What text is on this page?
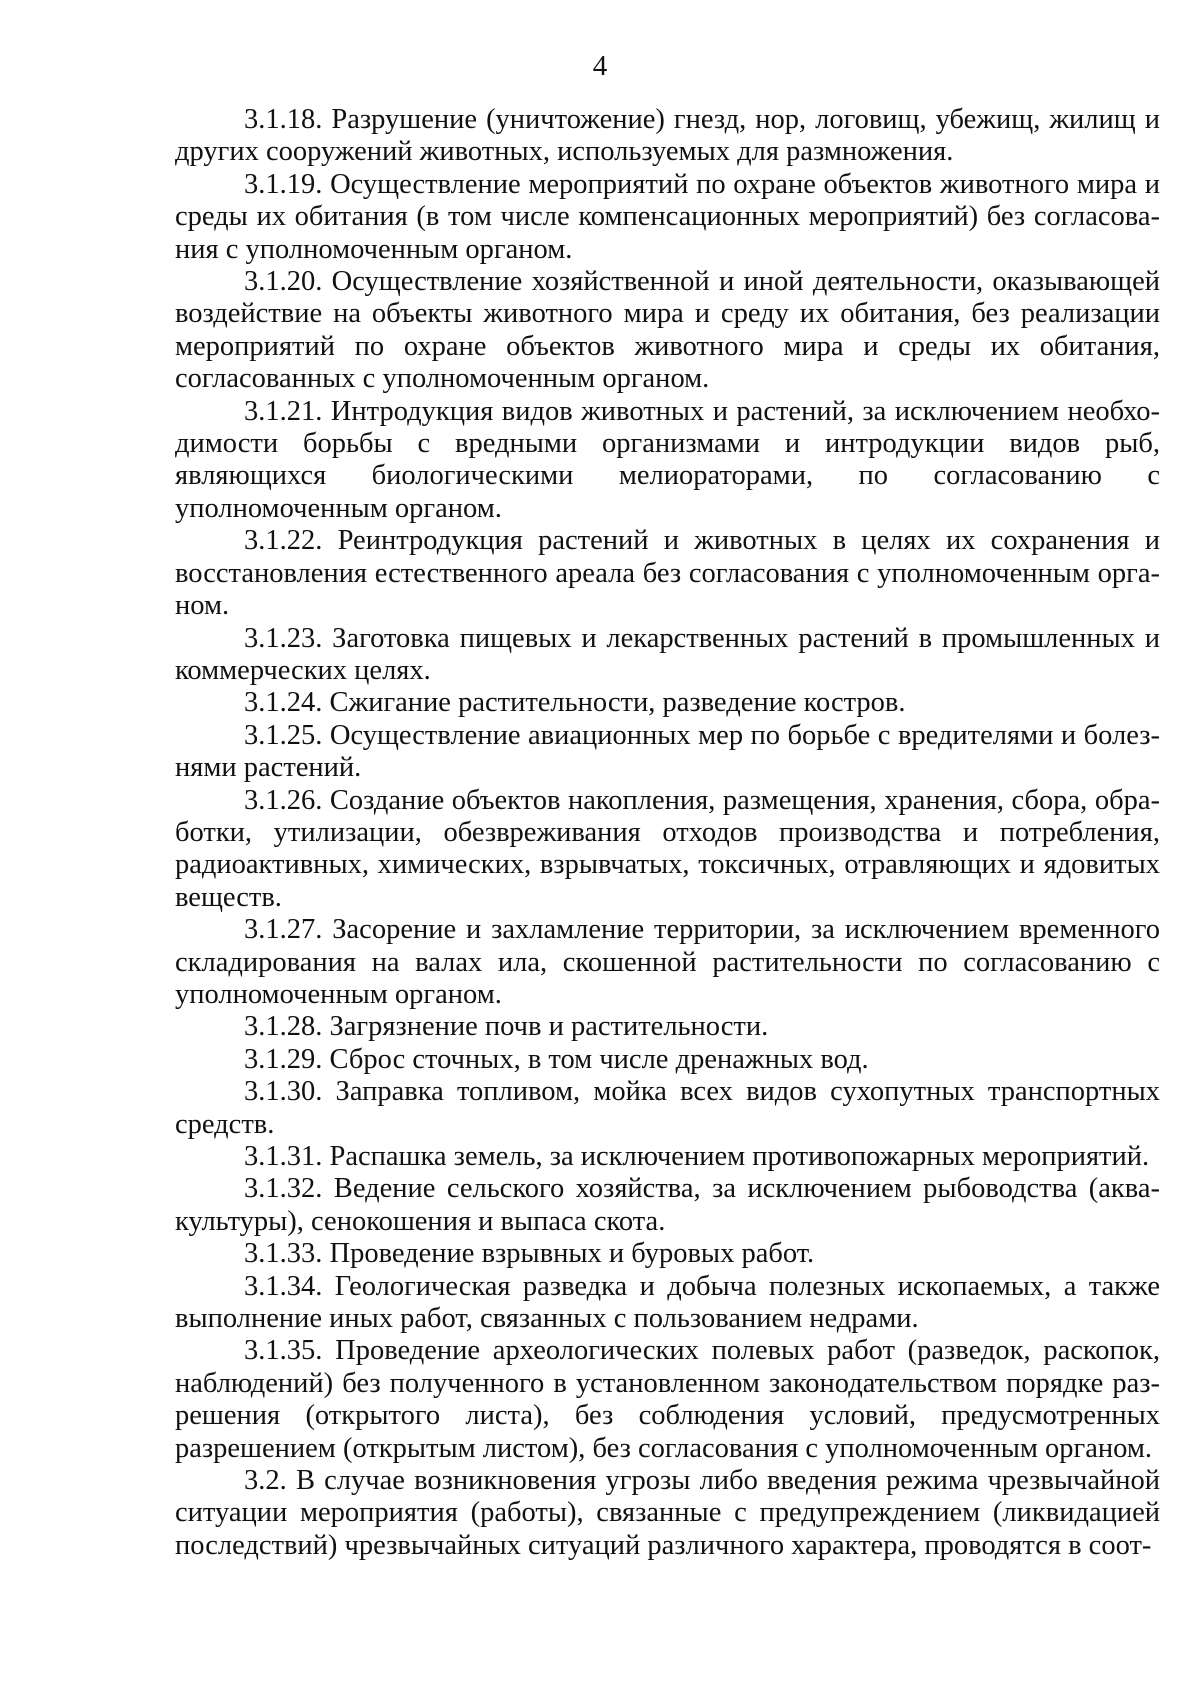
4

3.1.18. Разрушение (уничтожение) гнезд, нор, логовищ, убежищ, жилищ и других сооружений животных, используемых для размножения.

3.1.19. Осуществление мероприятий по охране объектов животного мира и среды их обитания (в том числе компенсационных мероприятий) без согласования с уполномоченным органом.

3.1.20. Осуществление хозяйственной и иной деятельности, оказывающей воздействие на объекты животного мира и среду их обитания, без реализации мероприятий по охране объектов животного мира и среды их обитания, согласованных с уполномоченным органом.

3.1.21. Интродукция видов животных и растений, за исключением необходимости борьбы с вредными организмами и интродукции видов рыб, являющихся биологическими мелиораторами, по согласованию с уполномоченным органом.

3.1.22. Реинтродукция растений и животных в целях их сохранения и восстановления естественного ареала без согласования с уполномоченным органом.

3.1.23. Заготовка пищевых и лекарственных растений в промышленных и коммерческих целях.

3.1.24. Сжигание растительности, разведение костров.

3.1.25. Осуществление авиационных мер по борьбе с вредителями и болезнями растений.

3.1.26. Создание объектов накопления, размещения, хранения, сбора, обработки, утилизации, обезвреживания отходов производства и потребления, радиоактивных, химических, взрывчатых, токсичных, отравляющих и ядовитых веществ.

3.1.27. Засорение и захламление территории, за исключением временного складирования на валах ила, скошенной растительности по согласованию с уполномоченным органом.

3.1.28. Загрязнение почв и растительности.

3.1.29. Сброс сточных, в том числе дренажных вод.

3.1.30. Заправка топливом, мойка всех видов сухопутных транспортных средств.

3.1.31. Распашка земель, за исключением противопожарных мероприятий.

3.1.32. Ведение сельского хозяйства, за исключением рыбоводства (аквакультуры), сенокошения и выпаса скота.

3.1.33. Проведение взрывных и буровых работ.

3.1.34. Геологическая разведка и добыча полезных ископаемых, а также выполнение иных работ, связанных с пользованием недрами.

3.1.35. Проведение археологических полевых работ (разведок, раскопок, наблюдений) без полученного в установленном законодательством порядке разрешения (открытого листа), без соблюдения условий, предусмотренных разрешением (открытым листом), без согласования с уполномоченным органом.

3.2. В случае возникновения угрозы либо введения режима чрезвычайной ситуации мероприятия (работы), связанные с предупреждением (ликвидацией последствий) чрезвычайных ситуаций различного характера, проводятся в соот-
